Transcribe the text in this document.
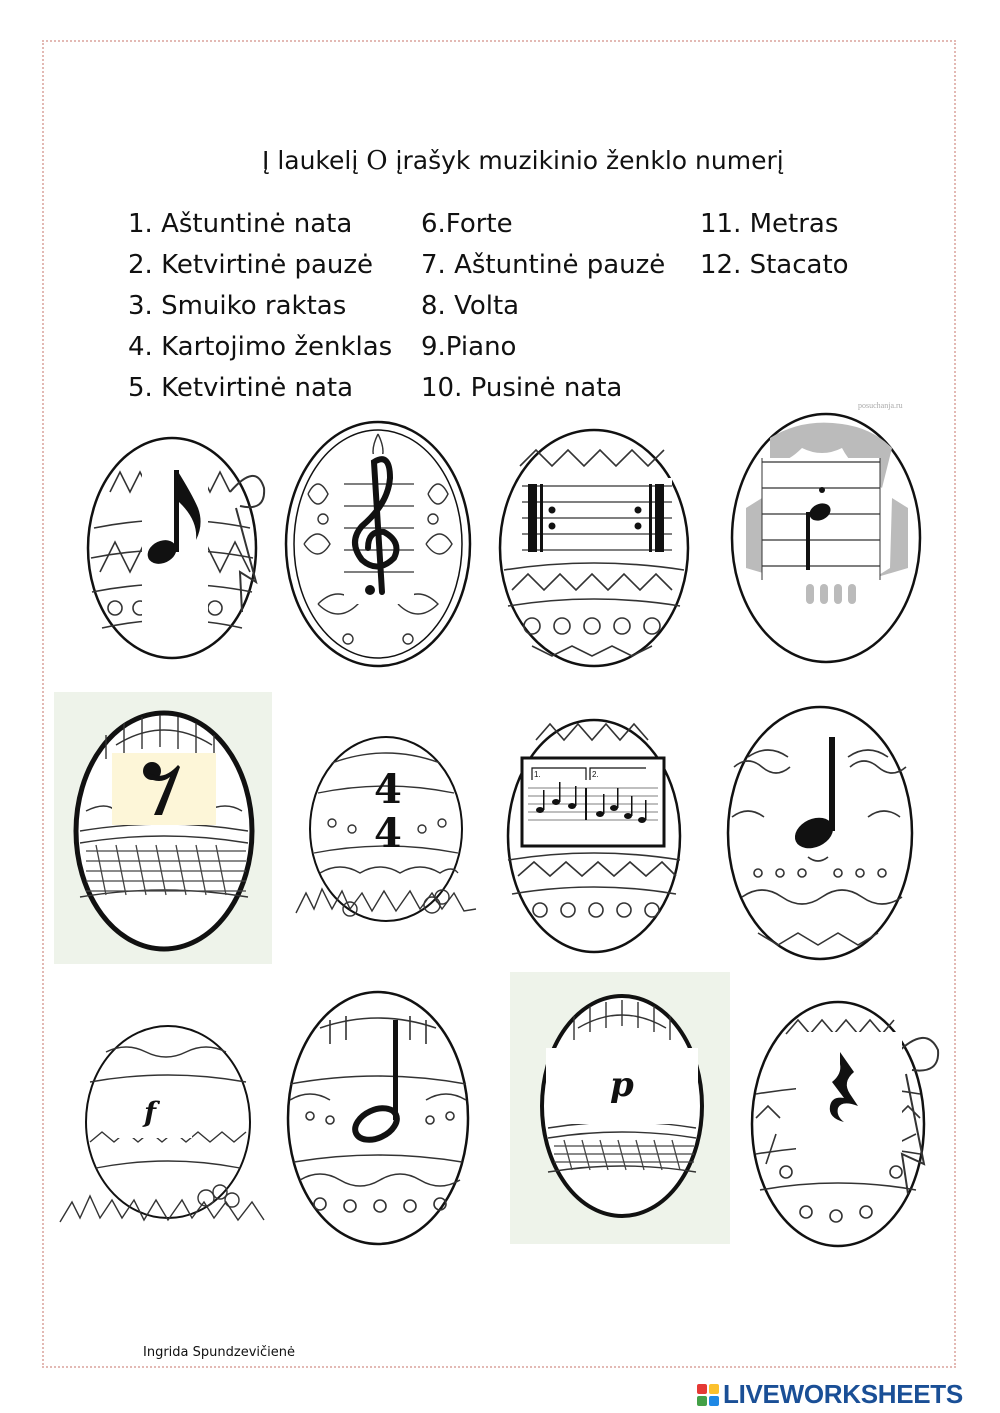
Į laukelį O įrašyk muzikinio ženklo numerį
1. Aštuntinė nata
2. Ketvirtinė pauzė
3. Smuiko raktas
4. Kartojimo ženklas
5. Ketvirtinė nata
6.Forte
7. Aštuntinė pauzė
8. Volta
9.Piano
10. Pusinė nata
11. Metras
12. Stacato
posuchanja.ru
4
4
1.	2.
f
p
Ingrida Spundzevičienė
LIVEWORKSHEETS
